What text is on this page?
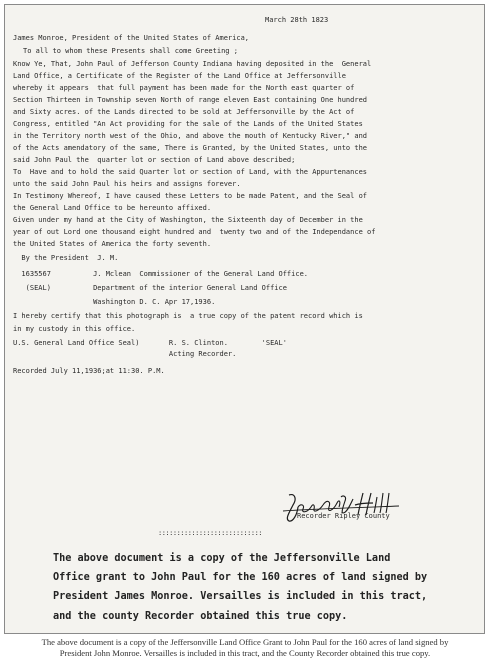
March 28th 1823
James Monroe, President of the United States of America,
To all to whom these Presents shall come Greeting ;
Know Ye, That, John Paul of Jefferson County Indiana having deposited in the  General
Land Office, a Certificate of the Register of the Land Office at Jeffersonville
whereby it appears  that full payment has been made for the North east quarter of
Section Thirteen in Township seven North of range eleven East containing One hundred
and Sixty acres. of the Lands directed to be sold at Jeffersonville by the Act of
Congress, entitled "An Act providing for the sale of the Lands of the United States
in the Territory north west of the Ohio, and above the mouth of Kentucky River," and
of the Acts amendatory of the same, There is Granted, by the United States, unto the
said John Paul the  quarter lot or section of Land above described;
To  Have and to hold the said Quarter lot or section of Land, with the Appurtenances
unto the said John Paul his heirs and assigns forever.
In Testimony Whereof, I have caused these Letters to be made Patent, and the Seal of
the General Land Office to be hereunto affixed.
Given under my hand at the City of Washington, the Sixteenth day of December in the
year of out Lord one thousand eight hundred and  twenty two and of the Independance of
the United States of America the forty seventh.
By the President  J. M.
1635567          J. Mclean  Commissioner of the General Land Office.
(SEAL)          Department of the interior General Land Office
Washington D. C. Apr 17,1936.
I hereby certify that this photograph is  a true copy of the patent record which is
in my custody in this office.
U.S. General Land Office Seal)       R. S. Clinton.        'SEAL'
Acting Recorder.
Recorded July 11,1936;at 11:30. P.M.
Recorder Ripley County
::::::::::::::::::::::::::::
The above document is a copy of the Jeffersonville Land
Office grant to John Paul for the 160 acres of land signed by
President James Monroe. Versailles is included in this tract,
and the county Recorder obtained this true copy.
The above document is a copy of the Jeffersonville Land Office Grant to John Paul for the 160 acres of land signed by
President John Monroe. Versailles is included in this tract, and the County Recorder obtained this true copy.
